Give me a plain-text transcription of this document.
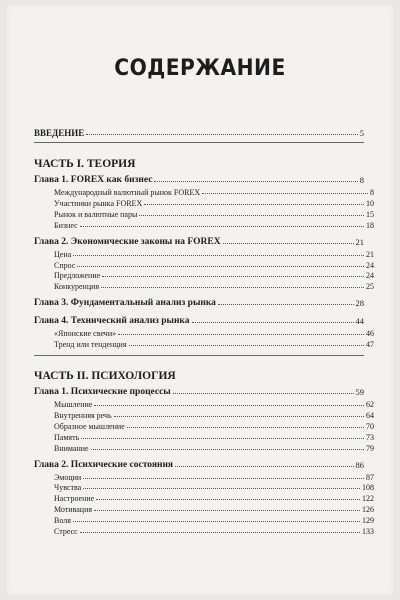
СОДЕРЖАНИЕ
ВВЕДЕНИЕ	5
ЧАСТЬ I. ТЕОРИЯ
Глава 1. FOREX как бизнес	8
Международный валютный рынок FOREX	8
Участники рынка FOREX	10
Рынок и валютные пары	15
Бизнес	18
Глава 2. Экономические законы на FOREX	21
Цена	21
Спрос	24
Предложение	24
Конкуренция	25
Глава 3. Фундаментальный анализ рынка	28
Глава 4. Технический анализ рынка	44
«Японские свечи»	46
Тренд или тенденция	47
ЧАСТЬ II. ПСИХОЛОГИЯ
Глава 1. Психические процессы	59
Мышление	62
Внутренняя речь	64
Образное мышление	70
Память	73
Внимание	79
Глава 2. Психические состояния	86
Эмоции	87
Чувства	108
Настроение	122
Мотивация	126
Воля	129
Стресс	133
